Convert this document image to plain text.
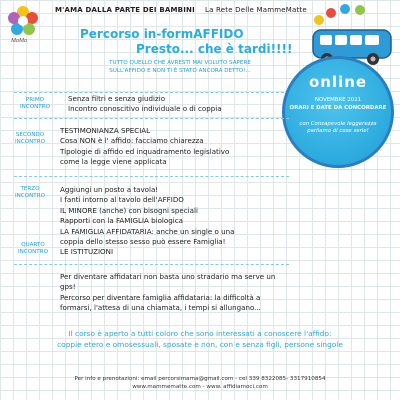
MaMa
M'AMA DALLA PARTE DEI BAMBINI La Rete Delle MammeMatte
Percorso in-formAFFIDO
Presto... che è tardi!!!!
TUTTO QUELLO CHE AVRESTI MAI VOLUTO SAPERE
SULL'AFFIDO E NON TI È STATO ANCORA DETTO!...
online
NOVEMBRE 2021
ORARI E DATE DA CONCORDARE
con Consapevole leggerezza
parliamo di cose serie!
PRIMO
INCONTRO
Senza filtri e senza giudizio
Incontro conoscitivo individuale o di coppia
SECONDO
INCONTRO
TESTIMONIANZA SPECIAL
Cosa NON è l' affido: facciamo chiarezza
Tipologie di affido ed inquadramento legislativo
come la legge viene applicata
TERZO
INCONTRO
Aggiungi un posto a tavola!
I fanti intorno al tavolo dell'AFFIDO
IL MINORE (anche) con bisogni speciali
Rapporti con la FAMIGLIA biologica
LA FAMIGLIA AFFIDATARIA: anche un single o una
coppia dello stesso sesso può essere Famiglia!
LE ISTITUZIONI
QUARTO
INCONTRO
Per diventare affidatari non basta uno stradario ma serve un
gps!
Percorso per diventare famiglia affidataria: la difficoltà a
formarsi, l'attesa di una chiamata, i tempi si allungano...
Il corso è aperto a tutti coloro che sono interessati a conoscere l'affido:
coppie etero e omosessuali, sposate e non, con e senza figli, persone singole
Per info e prenotazioni: email percorsimama@gmail.com - cel 339 8322085- 3317910854
www.mammematte.com - www. affidiamoci.com
